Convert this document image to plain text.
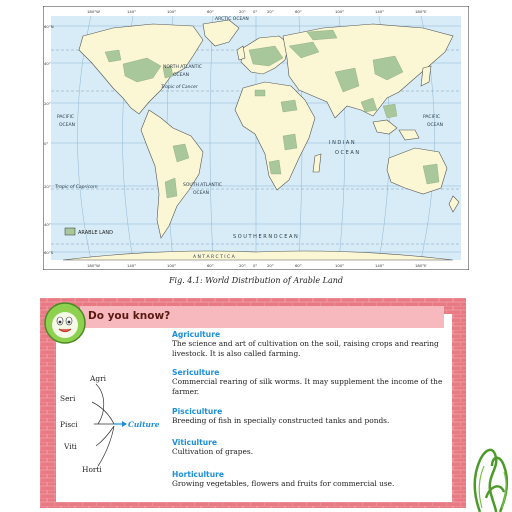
ARCTIC OCEAN
NORTH ATLANTIC
OCEAN
Tropic of Cancer
Tropic of Capricorn
PACIFIC
OCEAN
PACIFIC
OCEAN
I N D I A N
O C E A N
SOUTH ATLANTIC
OCEAN
S O U T H E R N O C E A N
A N T A R C T I C A
ARABLE LAND
180°W	140°	100°	60°	20° 0°	20°	60°	100°	140°	180°E
180°W	140°	100°	60°	20° 0°	20°	60°	100°	140°	180°E
60°N
40°
20°
0°
20°
40°
60°S
Fig. 4.1: World Distribution of Arable Land
Agri
Seri
Pisci
Viti
Horti
Culture
Agriculture
The science and art of cultivation on the soil, raising crops and rearing livestock. It is also called farming.
Sericulture
Commercial rearing of silk worms. It may supplement the income of the farmer.
Pisciculture
Breeding of fish in specially constructed tanks and ponds.
Viticulture
Cultivation of grapes.
Horticulture
Growing vegetables, flowers and fruits for commercial use.
Do you know?
